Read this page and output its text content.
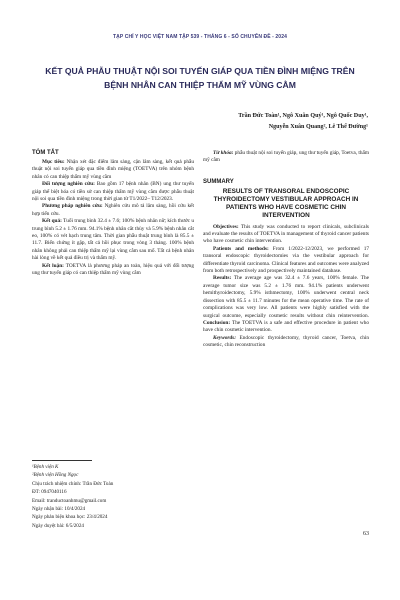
TẠP CHÍ Y HỌC VIỆT NAM TẬP 539 - THÁNG 6 - SỐ CHUYÊN ĐỀ - 2024
KẾT QUẢ PHẪU THUẬT NỘI SOI TUYẾN GIÁP QUA TIỀN ĐÌNH MIỆNG TRÊN BỆNH NHÂN CAN THIỆP THẨM MỸ VÙNG CẰM
Trần Đức Toàn¹, Ngô Xuân Quý¹, Ngô Quốc Duy¹,
Nguyễn Xuân Quang², Lê Thế Đường¹
TÓM TẮT

Mục tiêu: Nhận xét đặc điểm lâm sàng, cận lâm sàng, kết quả phẫu thuật nội soi tuyến giáp qua tiền đình miệng (TOETVA) trên nhóm bệnh nhân có can thiệp thẩm mỹ vùng cằm

Đối tượng nghiên cứu: Bao gồm 17 bệnh nhân (BN) ung thư tuyến giáp thể biệt hóa có tiền sử can thiệp thẩm mỹ vùng cằm được phẫu thuật nội soi qua tiền đình miệng trong thời gian từ T1/2022– T12/2023.

Phương pháp nghiên cứu: Nghiên cứu mô tả lâm sàng, hồi cứu kết hợp tiến cứu.

Kết quả: Tuổi trung bình 32.4 ± 7.6; 100% bệnh nhân nữ; kích thước u trung bình 5.2 ± 1.76 mm. 94.1% bệnh nhân cắt thùy và 5.9% bệnh nhân cắt eo, 100% có vét hạch trung tâm. Thời gian phẫu thuật trung bình là 85.5 ± 11.7. Biến chứng ít gặp, tất cả hồi phục trong vòng 3 tháng. 100% bệnh nhân không phải can thiệp thẩm mỹ lại vùng cằm sau mổ. Tất cả bệnh nhân hài lòng về kết quả điều trị và thẩm mỹ.

Kết luận: TOETVA là phương pháp an toàn, hiệu quả với đối tượng ung thư tuyến giáp có can thiệp thẩm mỹ vùng cằm

Từ khóa: phẫu thuật nội soi tuyến giáp, ung thư tuyến giáp, Toetva, thẩm mỹ cằm

SUMMARY
RESULTS OF TRANSORAL ENDOSCOPIC THYROIDECTOMY VESTIBULAR APPROACH IN PATIENTS WHO HAVE COSMETIC CHIN INTERVENTION

Objectives: This study was conducted to report clinicals, subclinicals and evaluate the results of TOETVA in management of thyroid cancer patients who have cosmetic chin intervention.

Patients and methods: From 1/2022-12/2023, we performed 17 transoral endoscopic thyroidectomies via the vestibular approach for differentiate thyroid carcinoma. Clinical features and outcomes were analyzed from both retrospectively and prospectively maintained database.

Results: The average age was 32.4 ± 7.6 years, 100% female. The average tumor size was 5.2 ± 1.76 mm. 94.1% patients underwent hemithyroidectomy, 5.9% isthmectomy, 100% underwent central neck dissection with 85.5 ± 11.7 minutes for the mean operative time. The rate of complications was very low. All patients were highly satisfied with the surgical outcome, especially cosmetic results without chin reintervention. Conclusion: The TOETVA is a safe and effective procedure in patient who have chin cosmetic intervention.

Keywords: Endoscopic thyroidectomy, thyroid cancer, Toetva, chin cosmetic, chin reconstruction

¹Bệnh viện K
²Bệnh viện Hồng Ngọc
Chịu trách nhiệm chính: Trần Đức Toàn
ĐT: 0947040116
Email: tranductoanhmu@gmail.com
Ngày nhận bài: 10/4/2024
Ngày phản biện khoa học: 23/4/2024
Ngày duyệt bài: 6/5/2024
63
